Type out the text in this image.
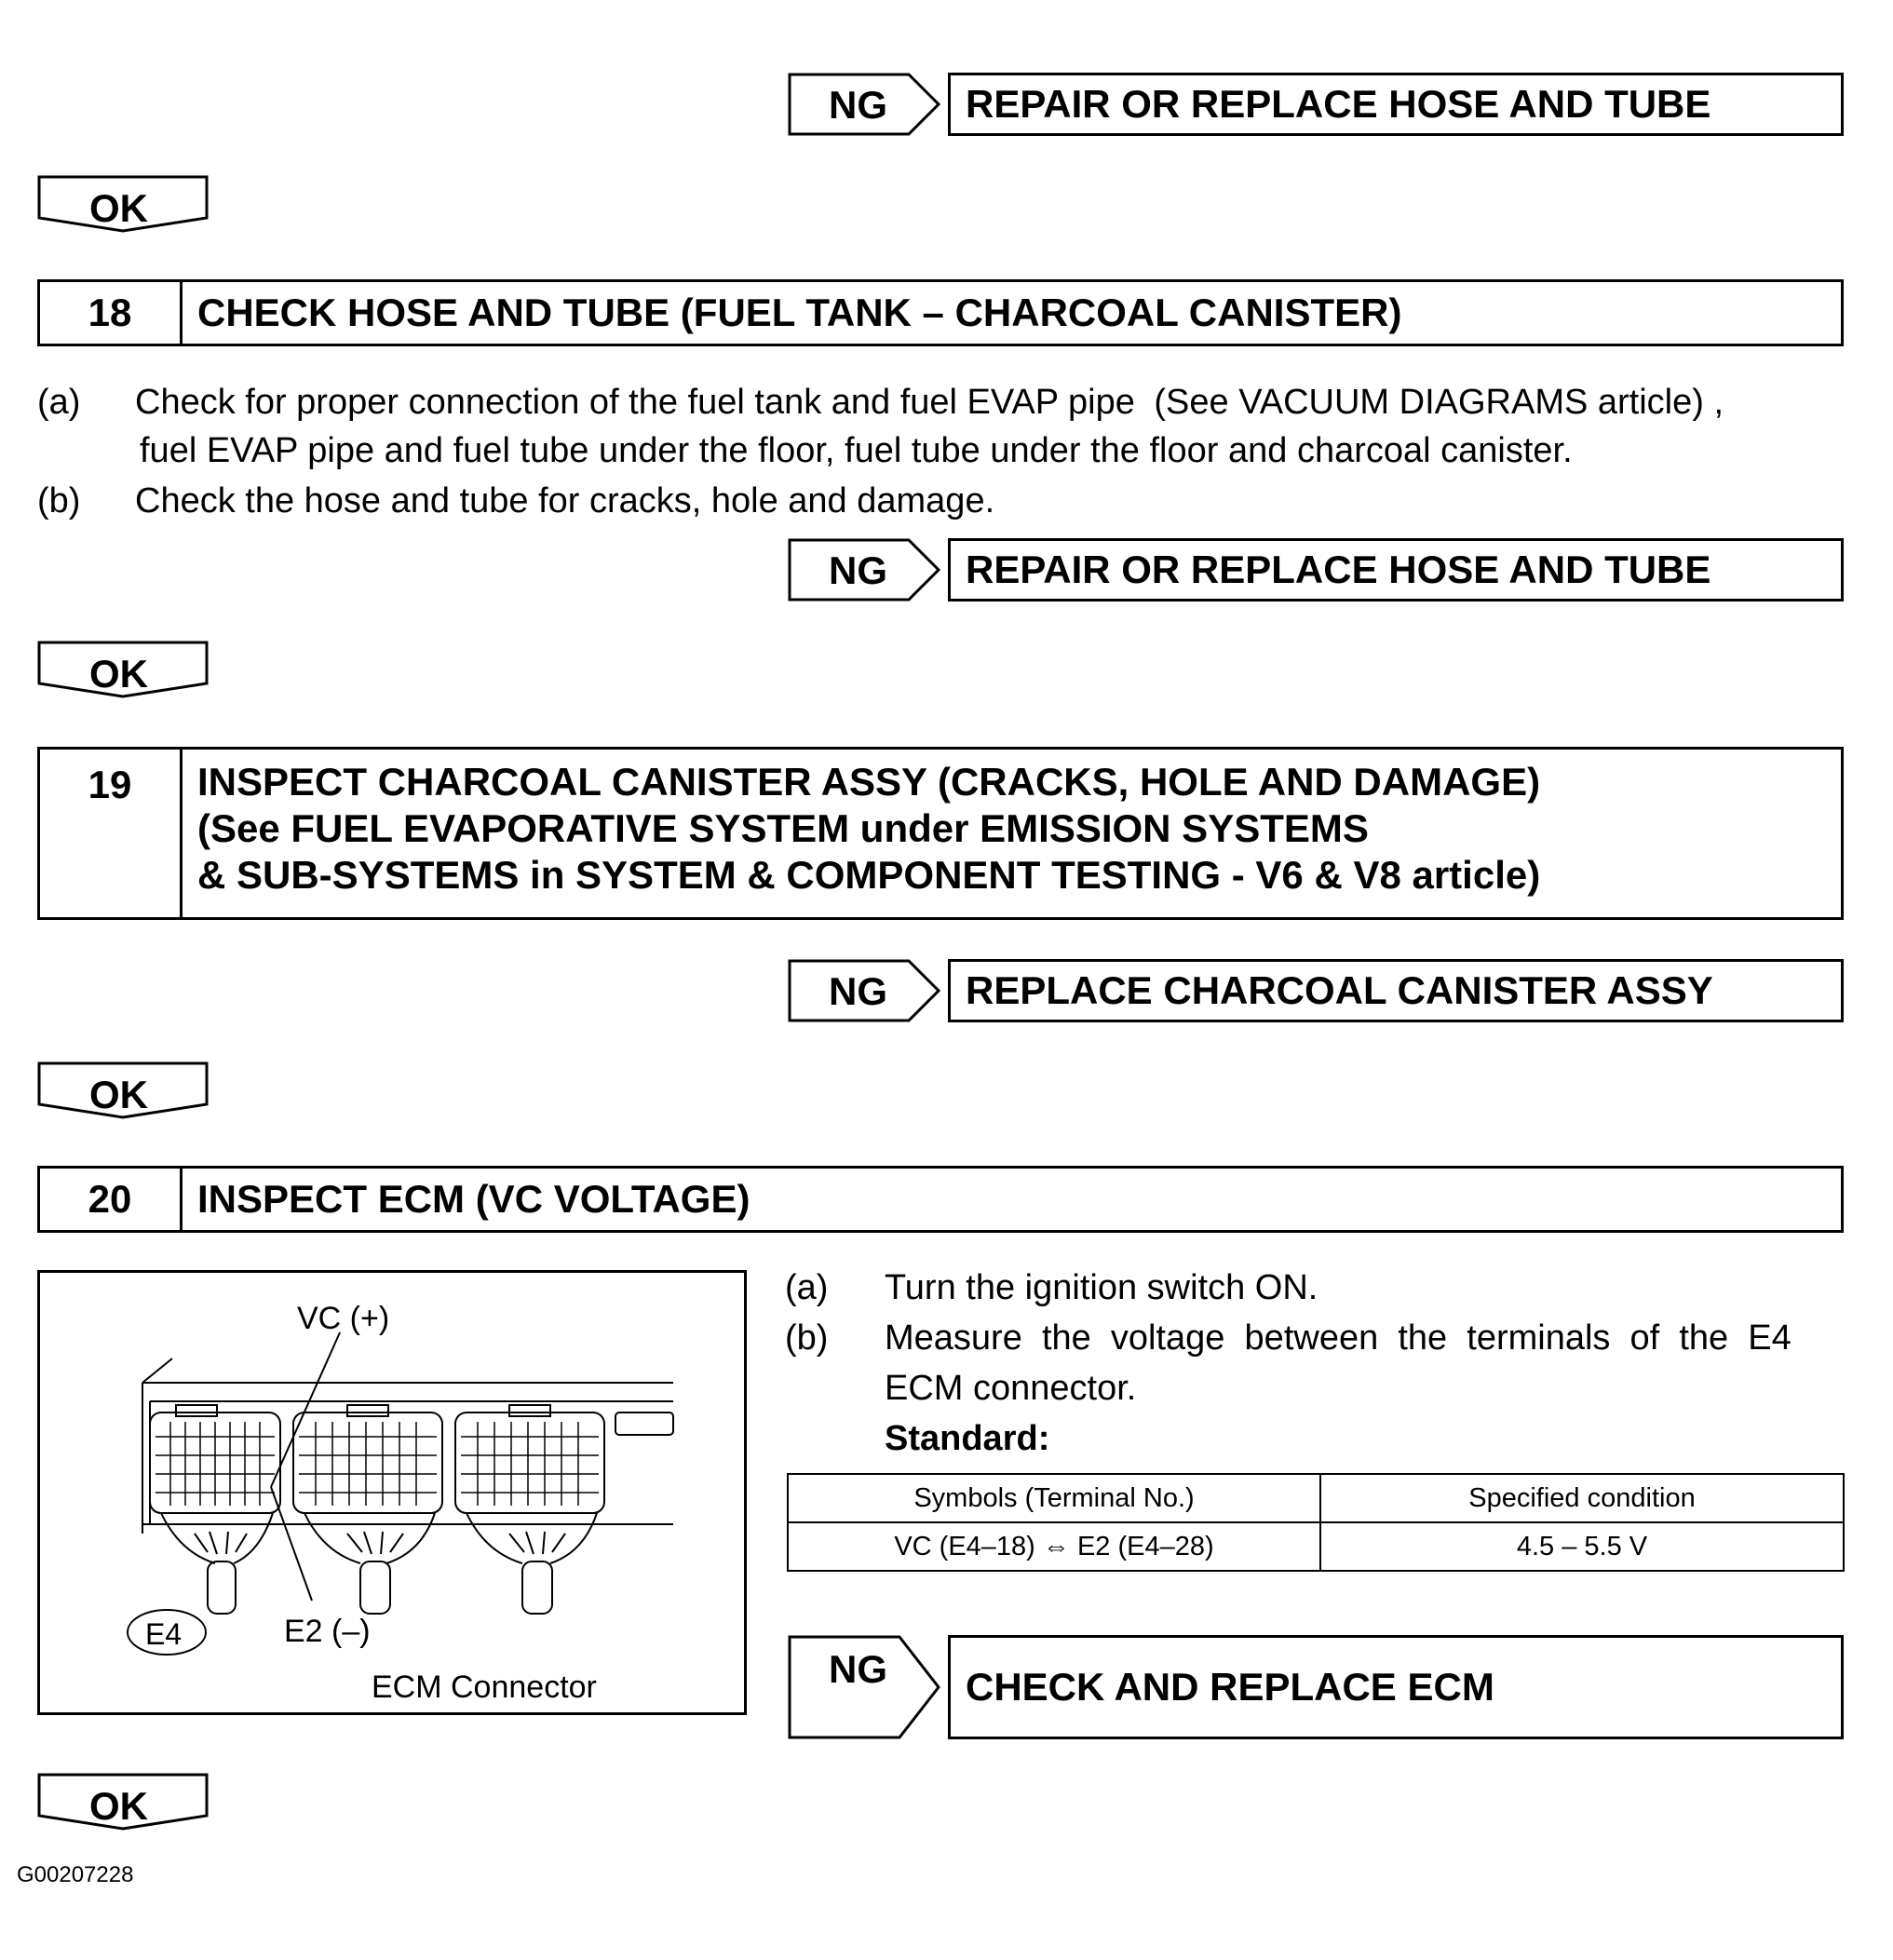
NG	REPAIR OR REPLACE HOSE AND TUBE
OK
18	CHECK HOSE AND TUBE (FUEL TANK – CHARCOAL CANISTER)
(a) Check for proper connection of the fuel tank and fuel EVAP pipe (See VACUUM DIAGRAMS article) ,
fuel EVAP pipe and fuel tube under the floor, fuel tube under the floor and charcoal canister.
(b) Check the hose and tube for cracks, hole and damage.
NG	REPAIR OR REPLACE HOSE AND TUBE
OK
19	INSPECT CHARCOAL CANISTER ASSY (CRACKS, HOLE AND DAMAGE)
(See FUEL EVAPORATIVE SYSTEM under EMISSION SYSTEMS
& SUB-SYSTEMS in SYSTEM & COMPONENT TESTING - V6 & V8 article)
NG	REPLACE CHARCOAL CANISTER ASSY
OK
20	INSPECT ECM (VC VOLTAGE)
VC (+)
E2 (–)
E4
ECM Connector
(a) Turn the ignition switch ON.
(b) Measure  the  voltage  between  the  terminals  of  the  E4
ECM connector.
Standard:
Symbols (Terminal No.)	Specified condition
VC (E4–18) ⇔ E2 (E4–28)	4.5 – 5.5 V
NG	CHECK AND REPLACE ECM
OK
G00207228
